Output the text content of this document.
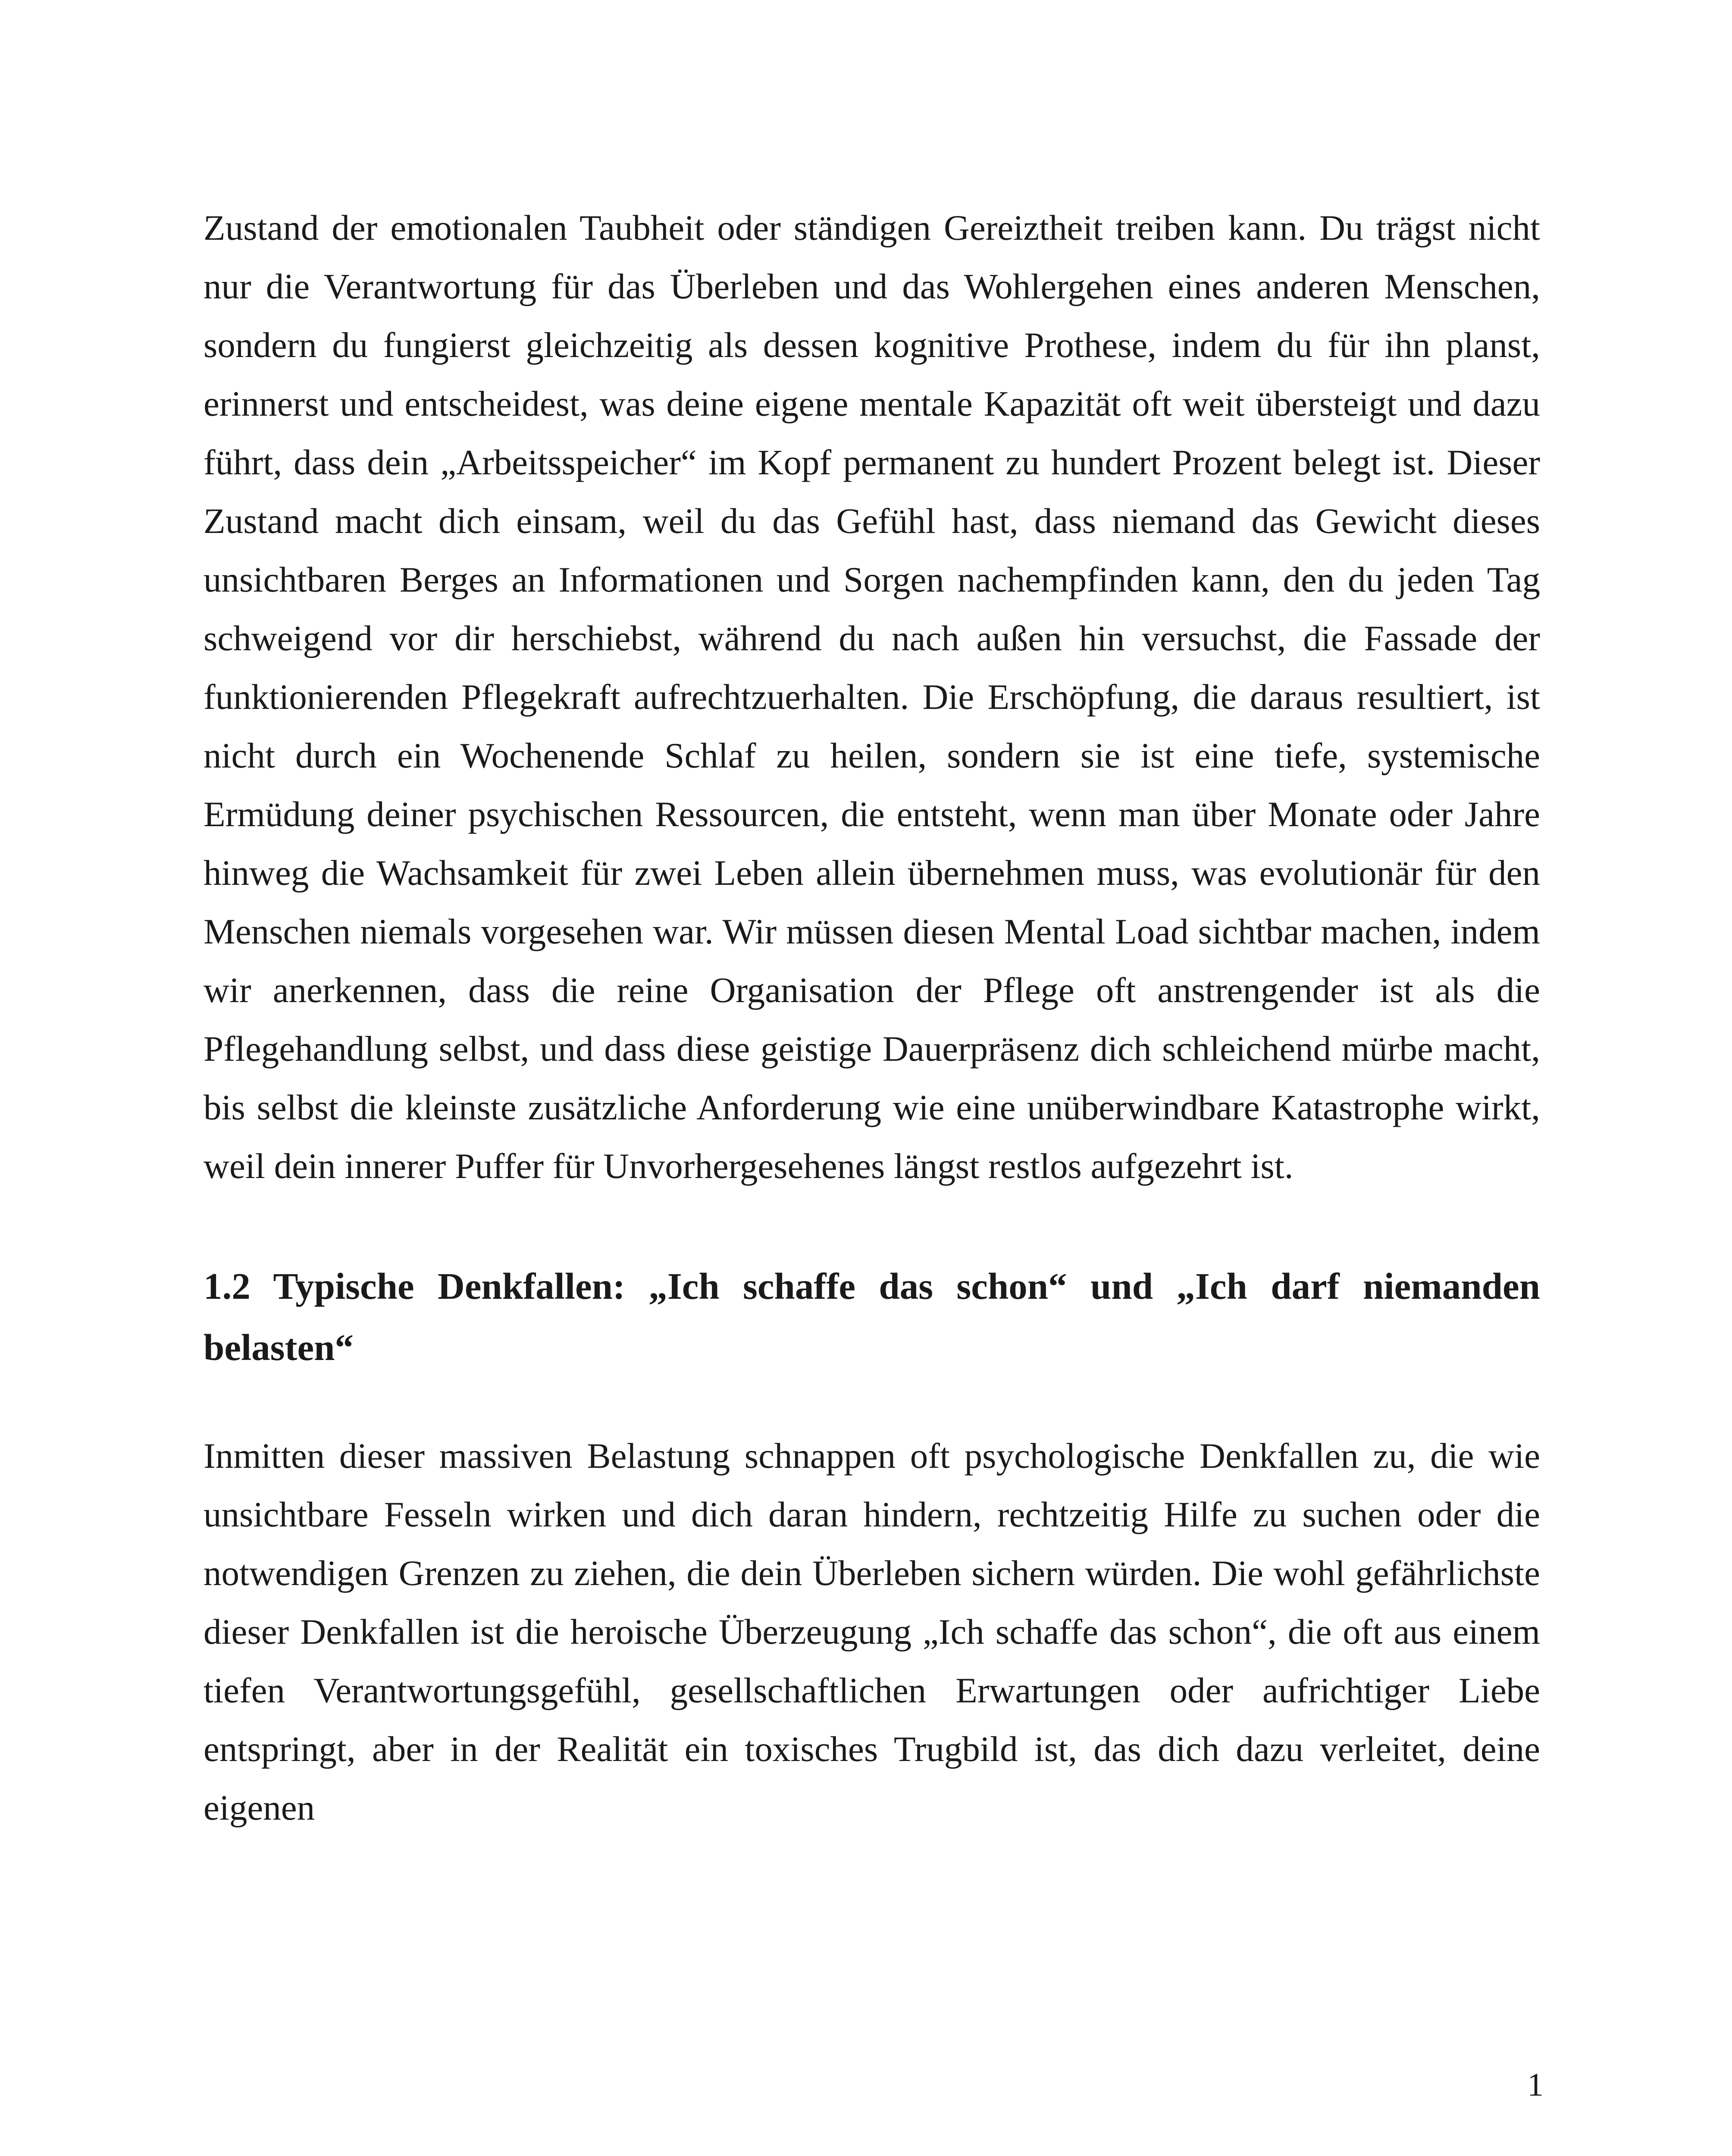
Zustand der emotionalen Taubheit oder ständigen Gereiztheit treiben kann. Du trägst nicht nur die Verantwortung für das Überleben und das Wohlergehen eines anderen Menschen, sondern du fungierst gleichzeitig als dessen kognitive Prothese, indem du für ihn planst, erinnerst und entscheidest, was deine eigene mentale Kapazität oft weit übersteigt und dazu führt, dass dein „Arbeitsspeicher“ im Kopf permanent zu hundert Prozent belegt ist. Dieser Zustand macht dich einsam, weil du das Gefühl hast, dass niemand das Gewicht dieses unsichtbaren Berges an Informationen und Sorgen nachempfinden kann, den du jeden Tag schweigend vor dir herschiebst, während du nach außen hin versuchst, die Fassade der funktionierenden Pflegekraft aufrechtzuerhalten. Die Erschöpfung, die daraus resultiert, ist nicht durch ein Wochenende Schlaf zu heilen, sondern sie ist eine tiefe, systemische Ermüdung deiner psychischen Ressourcen, die entsteht, wenn man über Monate oder Jahre hinweg die Wachsamkeit für zwei Leben allein übernehmen muss, was evolutionär für den Menschen niemals vorgesehen war. Wir müssen diesen Mental Load sichtbar machen, indem wir anerkennen, dass die reine Organisation der Pflege oft anstrengender ist als die Pflegehandlung selbst, und dass diese geistige Dauerpräsenz dich schleichend mürbe macht, bis selbst die kleinste zusätzliche Anforderung wie eine unüberwindbare Katastrophe wirkt, weil dein innerer Puffer für Unvorhergesehenes längst restlos aufgezehrt ist.

1.2 Typische Denkfallen: „Ich schaffe das schon“ und „Ich darf niemanden belasten“

Inmitten dieser massiven Belastung schnappen oft psychologische Denkfallen zu, die wie unsichtbare Fesseln wirken und dich daran hindern, rechtzeitig Hilfe zu suchen oder die notwendigen Grenzen zu ziehen, die dein Überleben sichern würden. Die wohl gefährlichste dieser Denkfallen ist die heroische Überzeugung „Ich schaffe das schon“, die oft aus einem tiefen Verantwortungsgefühl, gesellschaftlichen Erwartungen oder aufrichtiger Liebe entspringt, aber in der Realität ein toxisches Trugbild ist, das dich dazu verleitet, deine eigenen

1
